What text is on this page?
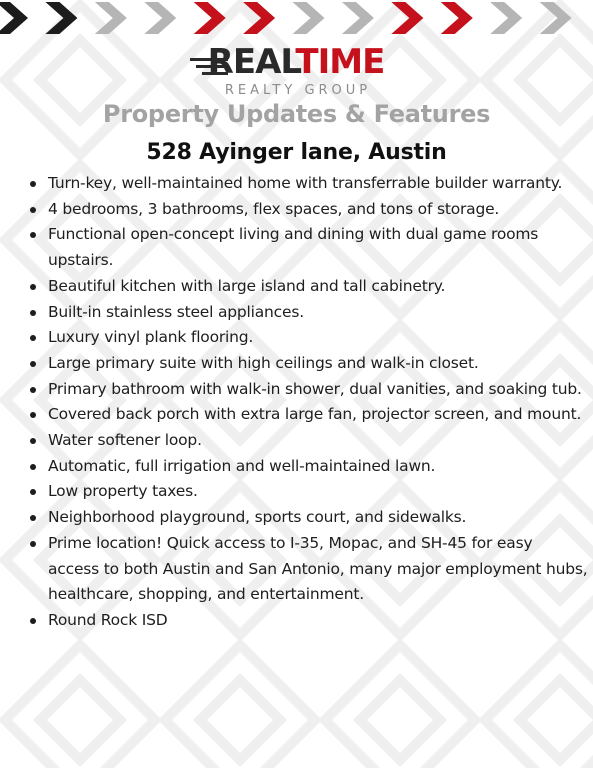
REALTIME
REALTY GROUP
Property Updates & Features
528 Ayinger lane, Austin
Turn-key, well-maintained home with transferrable builder warranty.
4 bedrooms, 3 bathrooms, flex spaces, and tons of storage.
Functional open-concept living and dining with dual game rooms upstairs.
Beautiful kitchen with large island and tall cabinetry.
Built-in stainless steel appliances.
Luxury vinyl plank flooring.
Large primary suite with high ceilings and walk-in closet.
Primary bathroom with walk-in shower, dual vanities, and soaking tub.
Covered back porch with extra large fan, projector screen, and mount.
Water softener loop.
Automatic, full irrigation and well-maintained lawn.
Low property taxes.
Neighborhood playground, sports court, and sidewalks.
Prime location! Quick access to I-35, Mopac, and SH-45 for easy access to both Austin and San Antonio, many major employment hubs, healthcare, shopping, and entertainment.
Round Rock ISD
